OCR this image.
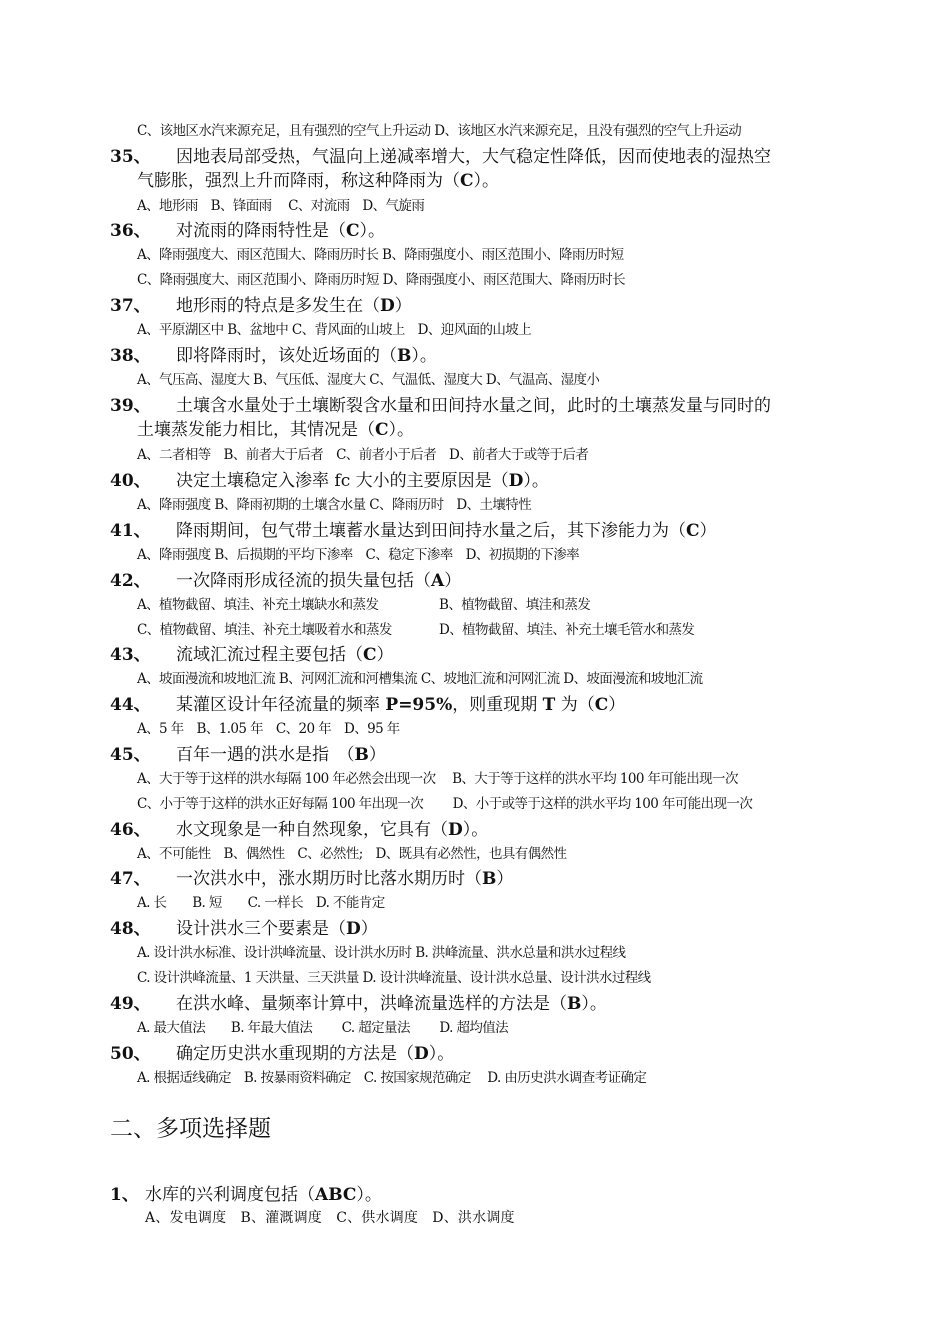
C、该地区水汽来源充足，且有强烈的空气上升运动 D、该地区水汽来源充足，且没有强烈的空气上升运动
35、 因地表局部受热，气温向上递减率增大，大气稳定性降低，因而使地表的湿热空
气膨胀，强烈上升而降雨，称这种降雨为（C）。
A、地形雨　B、锋面雨　 C、对流雨　D、气旋雨
36、 对流雨的降雨特性是（C）。
A、降雨强度大、雨区范围大、降雨历时长 B、降雨强度小、雨区范围小、降雨历时短
C、降雨强度大、雨区范围小、降雨历时短 D、降雨强度小、雨区范围大、降雨历时长
37、 地形雨的特点是多发生在（D）
A、平原湖区中 B、盆地中 C、背风面的山坡上　D、迎风面的山坡上
38、 即将降雨时，该处近场面的（B）。
A、气压高、湿度大 B、气压低、湿度大 C、气温低、湿度大 D、气温高、湿度小
39、 土壤含水量处于土壤断裂含水量和田间持水量之间，此时的土壤蒸发量与同时的
土壤蒸发能力相比，其情况是（C）。
A、二者相等　B、前者大于后者　C、前者小于后者　D、前者大于或等于后者
40、 决定土壤稳定入渗率 fc 大小的主要原因是（D）。
A、降雨强度 B、降雨初期的土壤含水量 C、降雨历时　D、土壤特性
41、 降雨期间，包气带土壤蓄水量达到田间持水量之后，其下渗能力为（C）
A、降雨强度 B、后损期的平均下渗率　C、稳定下渗率　D、初损期的下渗率
42、 一次降雨形成径流的损失量包括（A）
A、植物截留、填洼、补充土壤缺水和蒸发	B、植物截留、填洼和蒸发
C、植物截留、填洼、补充土壤吸着水和蒸发	D、植物截留、填洼、补充土壤毛管水和蒸发
43、 流域汇流过程主要包括（C）
A、坡面漫流和坡地汇流 B、河网汇流和河槽集流 C、坡地汇流和河网汇流 D、坡面漫流和坡地汇流
44、 某灌区设计年径流量的频率 P=95%，则重现期 T 为（C）
A、5 年　B、1.05 年　C、20 年　D、95 年
45、 百年一遇的洪水是指　（B）
A、大于等于这样的洪水每隔 100 年必然会出现一次　 B、大于等于这样的洪水平均 100 年可能出现一次
C、小于等于这样的洪水正好每隔 100 年出现一次　　 D、小于或等于这样的洪水平均 100 年可能出现一次
46、 水文现象是一种自然现象，它具有（D）。
A、不可能性　B、偶然性　C、必然性;　D、既具有必然性，也具有偶然性
47、 一次洪水中，涨水期历时比落水期历时（B）
A. 长　　B. 短　　C. 一样长　D. 不能肯定
48、 设计洪水三个要素是（D）
A. 设计洪水标准、设计洪峰流量、设计洪水历时 B. 洪峰流量、洪水总量和洪水过程线
C. 设计洪峰流量、1 天洪量、三天洪量 D. 设计洪峰流量、设计洪水总量、设计洪水过程线
49、 在洪水峰、量频率计算中，洪峰流量选样的方法是（B）。
A. 最大值法　　B. 年最大值法　　 C. 超定量法　　 D. 超均值法
50、 确定历史洪水重现期的方法是（D）。
A. 根据适线确定　B. 按暴雨资料确定　C. 按国家规范确定　 D. 由历史洪水调查考证确定
二、多项选择题
1、 水库的兴利调度包括（ABC）。
A、发电调度　B、灌溉调度　C、供水调度　D、洪水调度
